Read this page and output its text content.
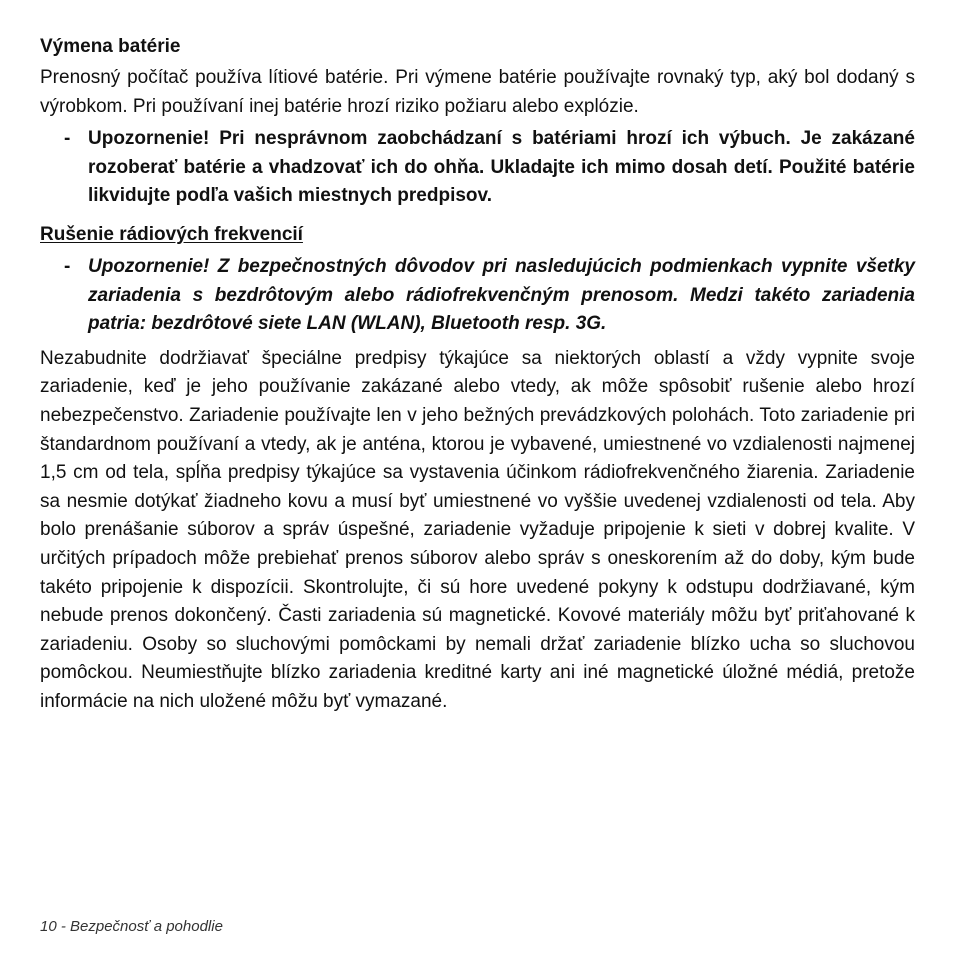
Výmena batérie

Prenosný počítač používa lítiové batérie. Pri výmene batérie používajte rovnaký typ, aký bol dodaný s výrobkom. Pri používaní inej batérie hrozí riziko požiaru alebo explózie.

- Upozornenie! Pri nesprávnom zaobchádzaní s batériami hrozí ich výbuch. Je zakázané rozoberať batérie a vhadzovať ich do ohňa. Ukladajte ich mimo dosah detí. Použité batérie likvidujte podľa vašich miestnych predpisov.
Rušenie rádiových frekvencií
- Upozornenie! Z bezpečnostných dôvodov pri nasledujúcich podmienkach vypnite všetky zariadenia s bezdrôtovým alebo rádiofrekvenčným prenosom. Medzi takéto zariadenia patria: bezdrôtové siete LAN (WLAN), Bluetooth resp. 3G.

Nezabudnite dodržiavať špeciálne predpisy týkajúce sa niektorých oblastí a vždy vypnite svoje zariadenie, keď je jeho používanie zakázané alebo vtedy, ak môže spôsobiť rušenie alebo hrozí nebezpečenstvo. Zariadenie používajte len v jeho bežných prevádzkových polohách. Toto zariadenie pri štandardnom používaní a vtedy, ak je anténa, ktorou je vybavené, umiestnené vo vzdialenosti najmenej 1,5 cm od tela, spĺňa predpisy týkajúce sa vystavenia účinkom rádiofrekvenčného žiarenia. Zariadenie sa nesmie dotýkať žiadneho kovu a musí byť umiestnené vo vyššie uvedenej vzdialenosti od tela. Aby bolo prenášanie súborov a správ úspešné, zariadenie vyžaduje pripojenie k sieti v dobrej kvalite. V určitých prípadoch môže prebiehať prenos súborov alebo správ s oneskorením až do doby, kým bude takéto pripojenie k dispozícii. Skontrolujte, či sú hore uvedené pokyny k odstupu dodržiavané, kým nebude prenos dokončený. Časti zariadenia sú magnetické. Kovové materiály môžu byť priťahované k zariadeniu. Osoby so sluchovými pomôckami by nemali držať zariadenie blízko ucha so sluchovou pomôckou. Neumiestňujte blízko zariadenia kreditné karty ani iné magnetické úložné médiá, pretože informácie na nich uložené môžu byť vymazané.

10 - Bezpečnosť a pohodlie
